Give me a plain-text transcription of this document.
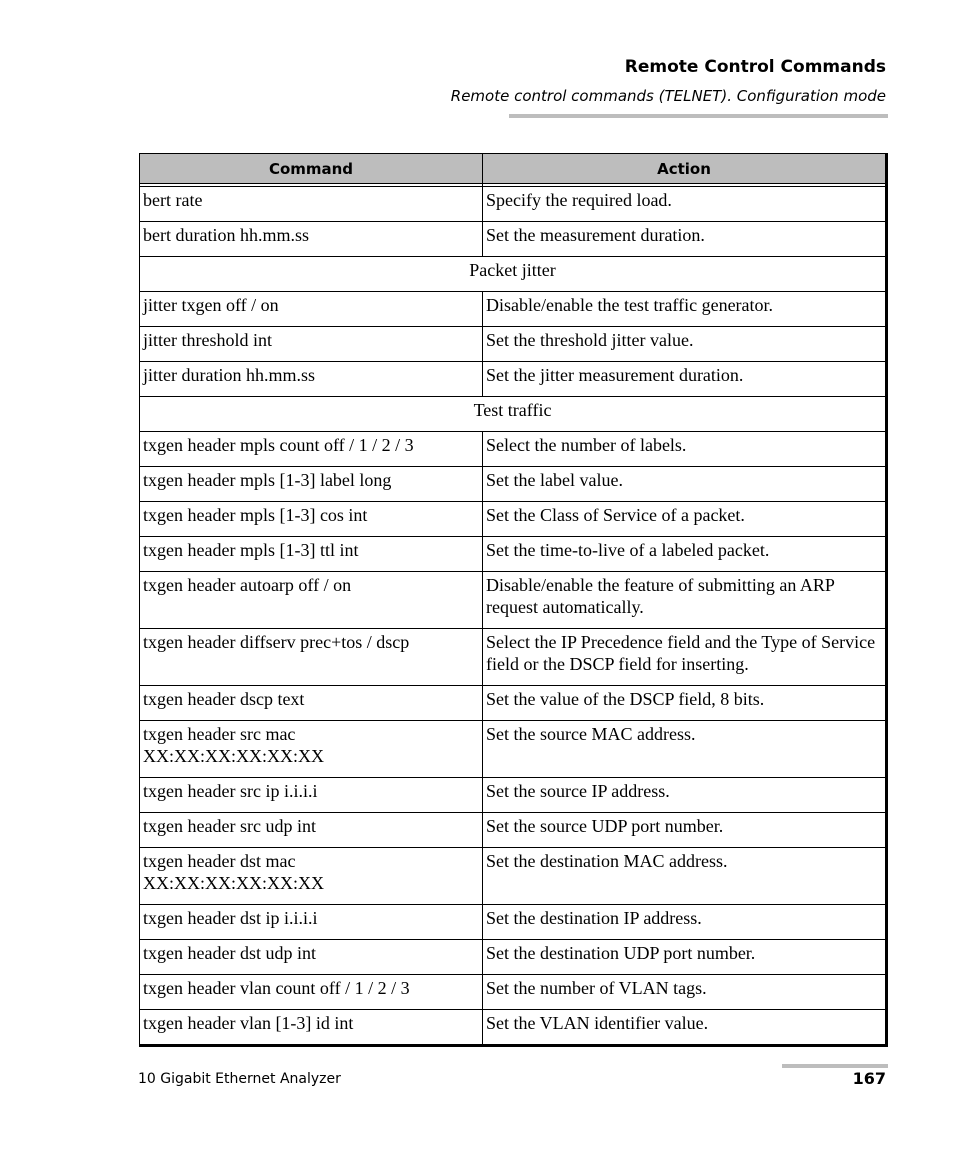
Remote Control Commands
Remote control commands (TELNET). Configuration mode
Command	Action

bert rate	Specify the required load.
bert duration hh.mm.ss	Set the measurement duration.
Packet jitter	
jitter txgen off / on	Disable/enable the test traffic generator.
jitter threshold int	Set the threshold jitter value.
jitter duration hh.mm.ss	Set the jitter measurement duration.
Test traffic	
txgen header mpls count off / 1 / 2 / 3	Select the number of labels.
txgen header mpls [1-3] label long	Set the label value.
txgen header mpls [1-3] cos int	Set the Class of Service of a packet.
txgen header mpls [1-3] ttl int	Set the time-to-live of a labeled packet.
txgen header autoarp off / on	Disable/enable the feature of submitting an ARP request automatically.
txgen header diffserv prec+tos / dscp	Select the IP Precedence field and the Type of Service field or the DSCP field for inserting.
txgen header dscp text	Set the value of the DSCP field, 8 bits.
txgen header src mac XX:XX:XX:XX:XX:XX	Set the source MAC address.
txgen header src ip i.i.i.i	Set the source IP address.
txgen header src udp int	Set the source UDP port number.
txgen header dst mac XX:XX:XX:XX:XX:XX	Set the destination MAC address.
txgen header dst ip i.i.i.i	Set the destination IP address.
txgen header dst udp int	Set the destination UDP port number.
txgen header vlan count off / 1 / 2 / 3	Set the number of VLAN tags.
txgen header vlan [1-3] id int	Set the VLAN identifier value.
10 Gigabit Ethernet Analyzer	167
